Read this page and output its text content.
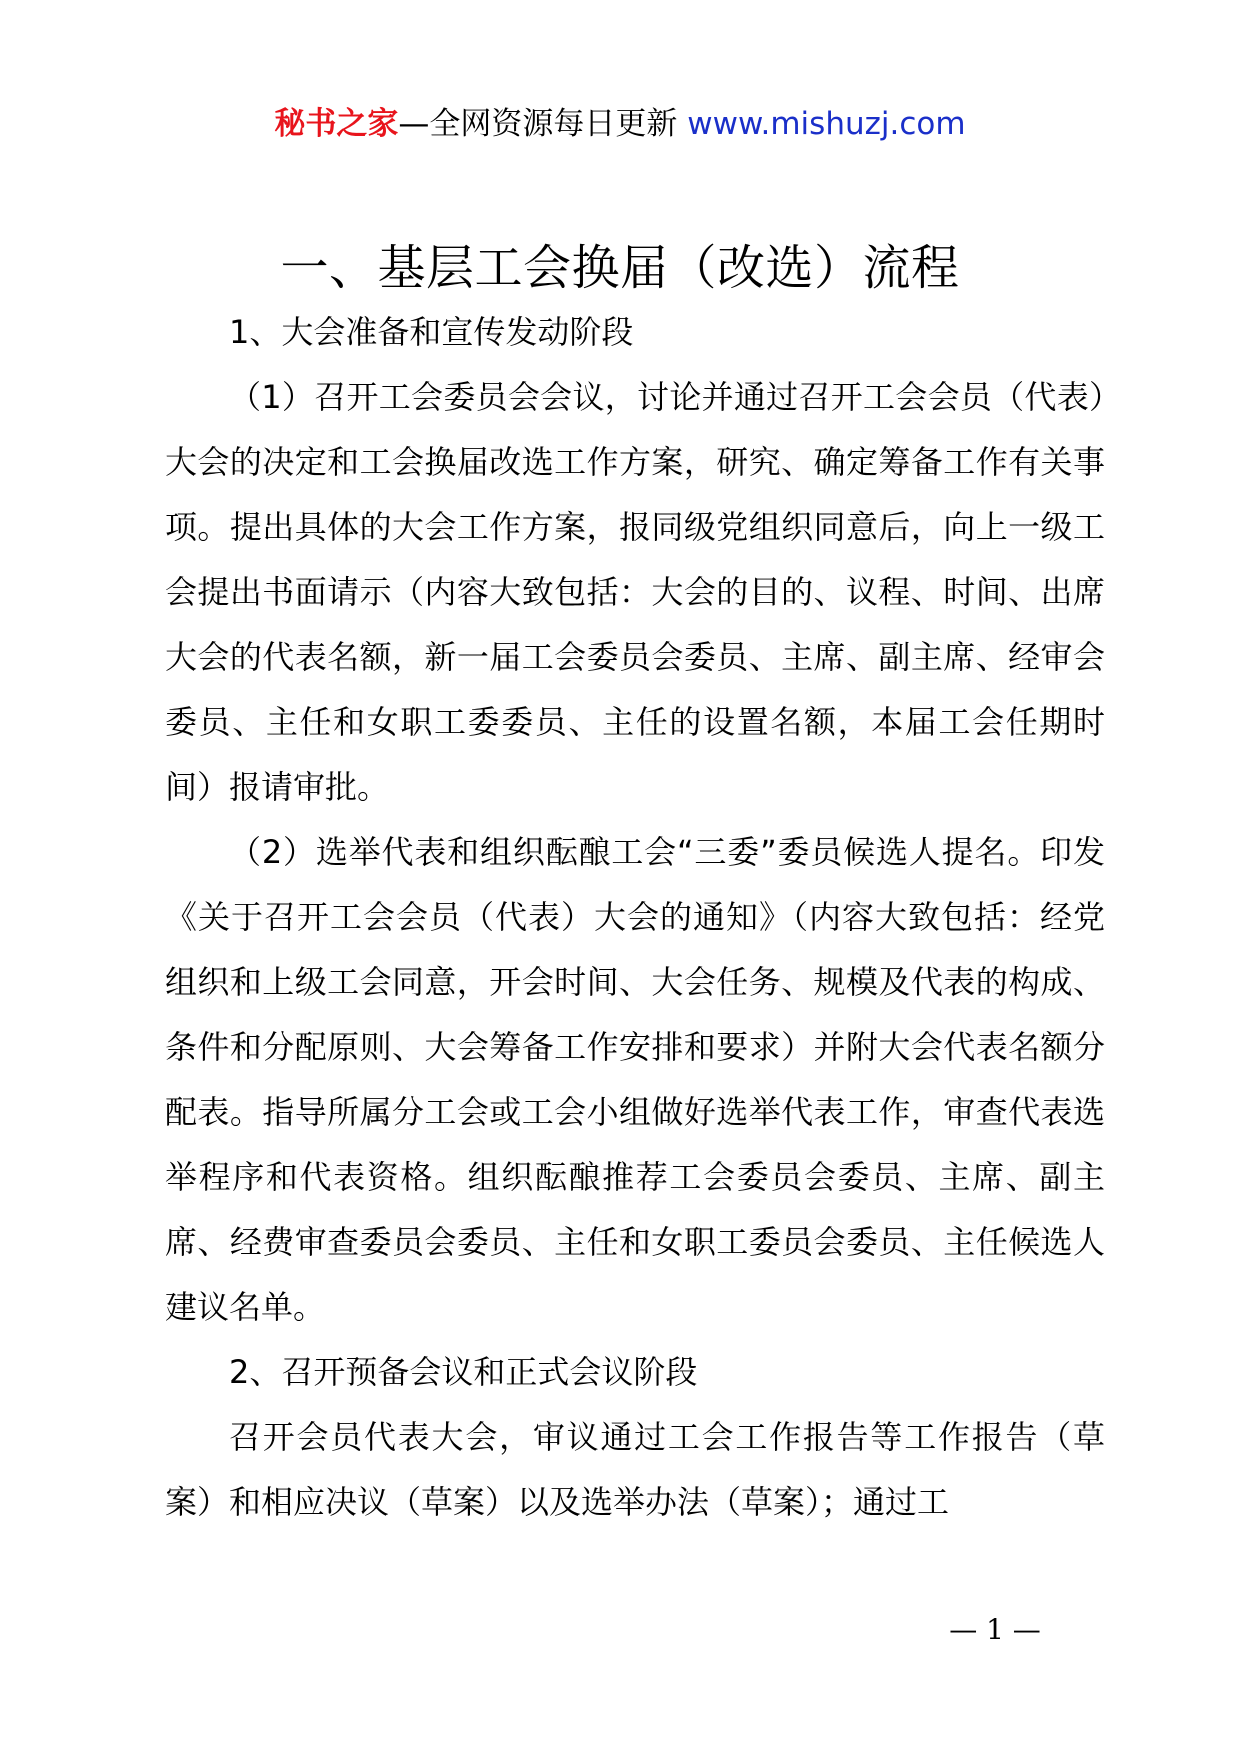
秘书之家—全网资源每日更新 www.mishuzj.com
一、基层工会换届（改选）流程

1、大会准备和宣传发动阶段

（1）召开工会委员会会议，讨论并通过召开工会会员（代表）大会的决定和工会换届改选工作方案，研究、确定筹备工作有关事项。提出具体的大会工作方案，报同级党组织同意后，向上一级工会提出书面请示（内容大致包括：大会的目的、议程、时间、出席大会的代表名额，新一届工会委员会委员、主席、副主席、经审会委员、主任和女职工委委员、主任的设置名额，本届工会任期时间）报请审批。

（2）选举代表和组织酝酿工会“三委”委员候选人提名。印发《关于召开工会会员（代表）大会的通知》（内容大致包括：经党组织和上级工会同意，开会时间、大会任务、规模及代表的构成、条件和分配原则、大会筹备工作安排和要求）并附大会代表名额分配表。指导所属分工会或工会小组做好选举代表工作，审查代表选举程序和代表资格。组织酝酿推荐工会委员会委员、主席、副主席、经费审查委员会委员、主任和女职工委员会委员、主任候选人建议名单。

2、召开预备会议和正式会议阶段

召开会员代表大会，审议通过工会工作报告等工作报告（草案）和相应决议（草案）以及选举办法（草案）；通过工

— 1 —
